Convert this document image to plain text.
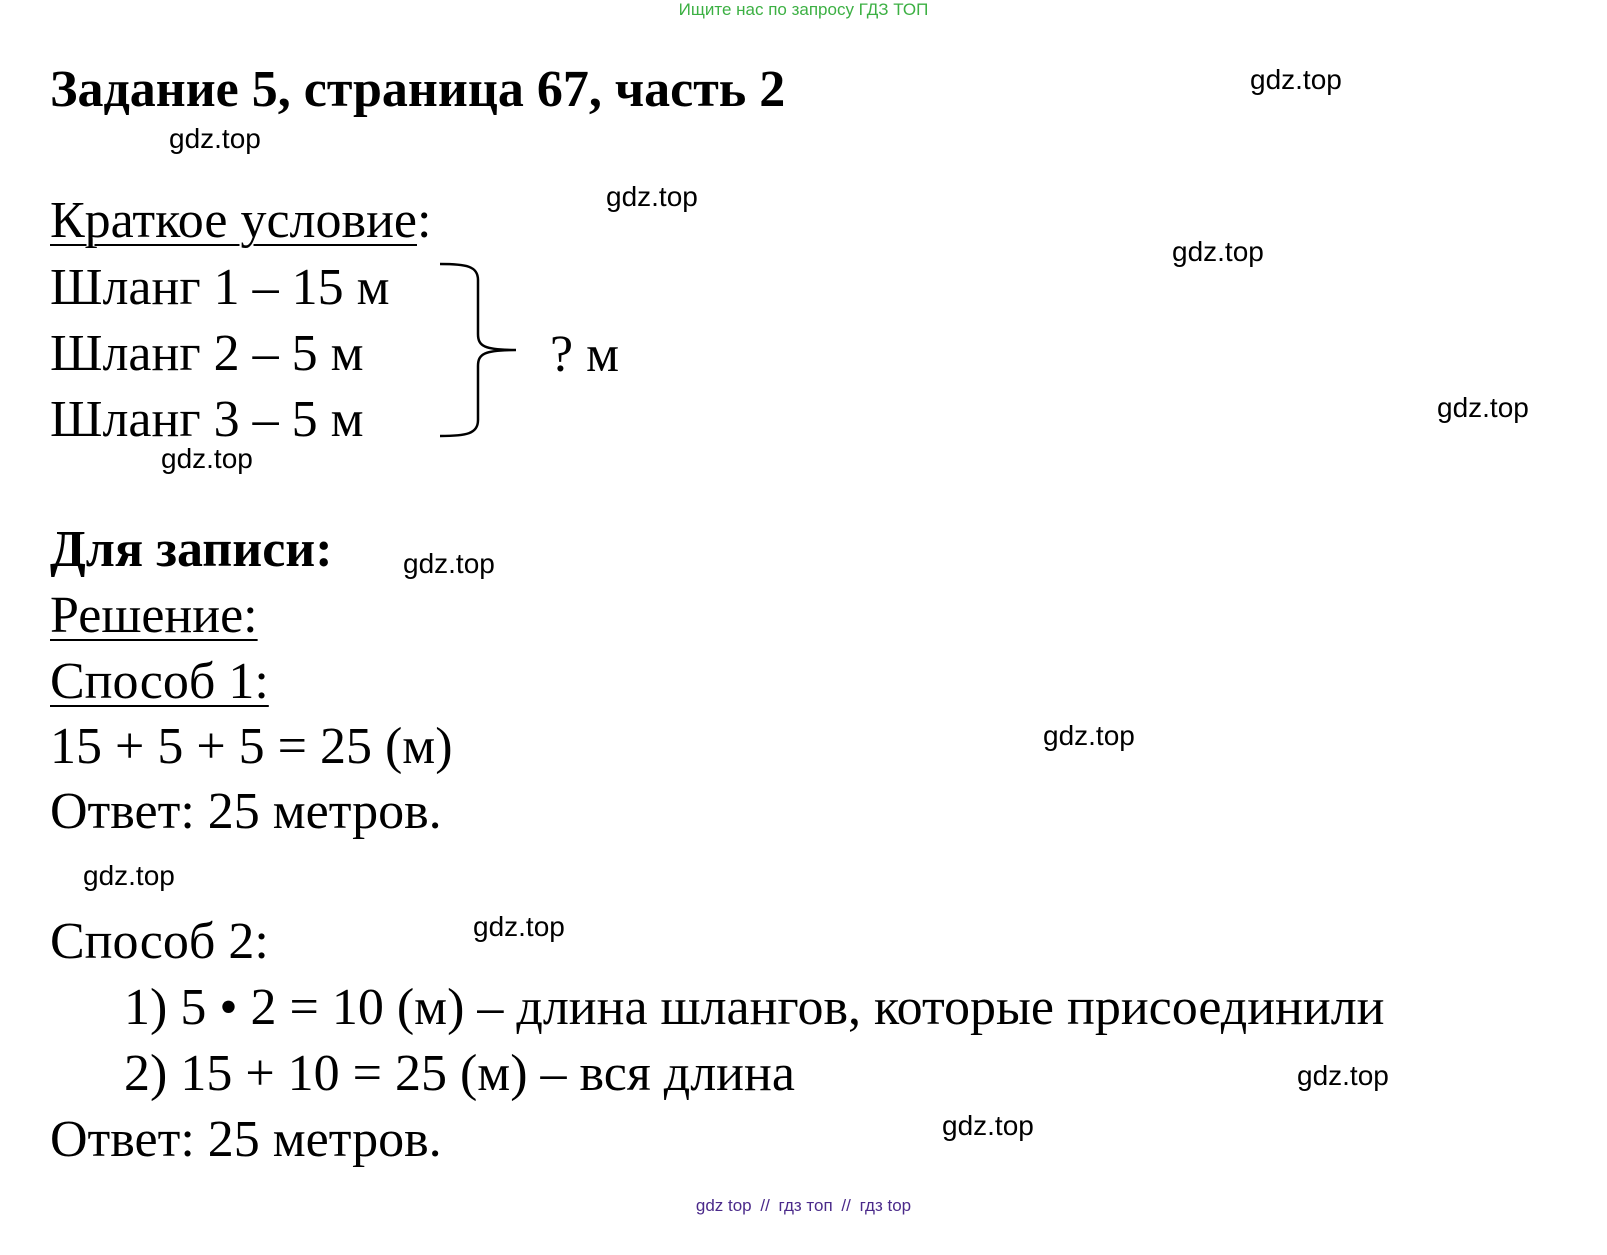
Ищите нас по запросу ГДЗ ТОП
Задание 5, страница 67, часть 2	gdz.top
gdz.top
gdz.top
gdz.top
gdz.top
gdz.top
gdz.top
gdz.top
gdz.top
gdz.top
gdz.top
gdz.top
Краткое условие:
Шланг 1 – 15 м
Шланг 2 – 5 м
Шланг 3 – 5 м
? м
Для записи:
Решение:
Способ 1:
15 + 5 + 5 = 25 (м)
Ответ: 25 метров.
Способ 2:
1) 5 • 2 = 10 (м) – длина шлангов, которые присоединили
2) 15 + 10 = 25 (м) – вся длина
Ответ: 25 метров.
gdz top // гдз топ // гдз top
